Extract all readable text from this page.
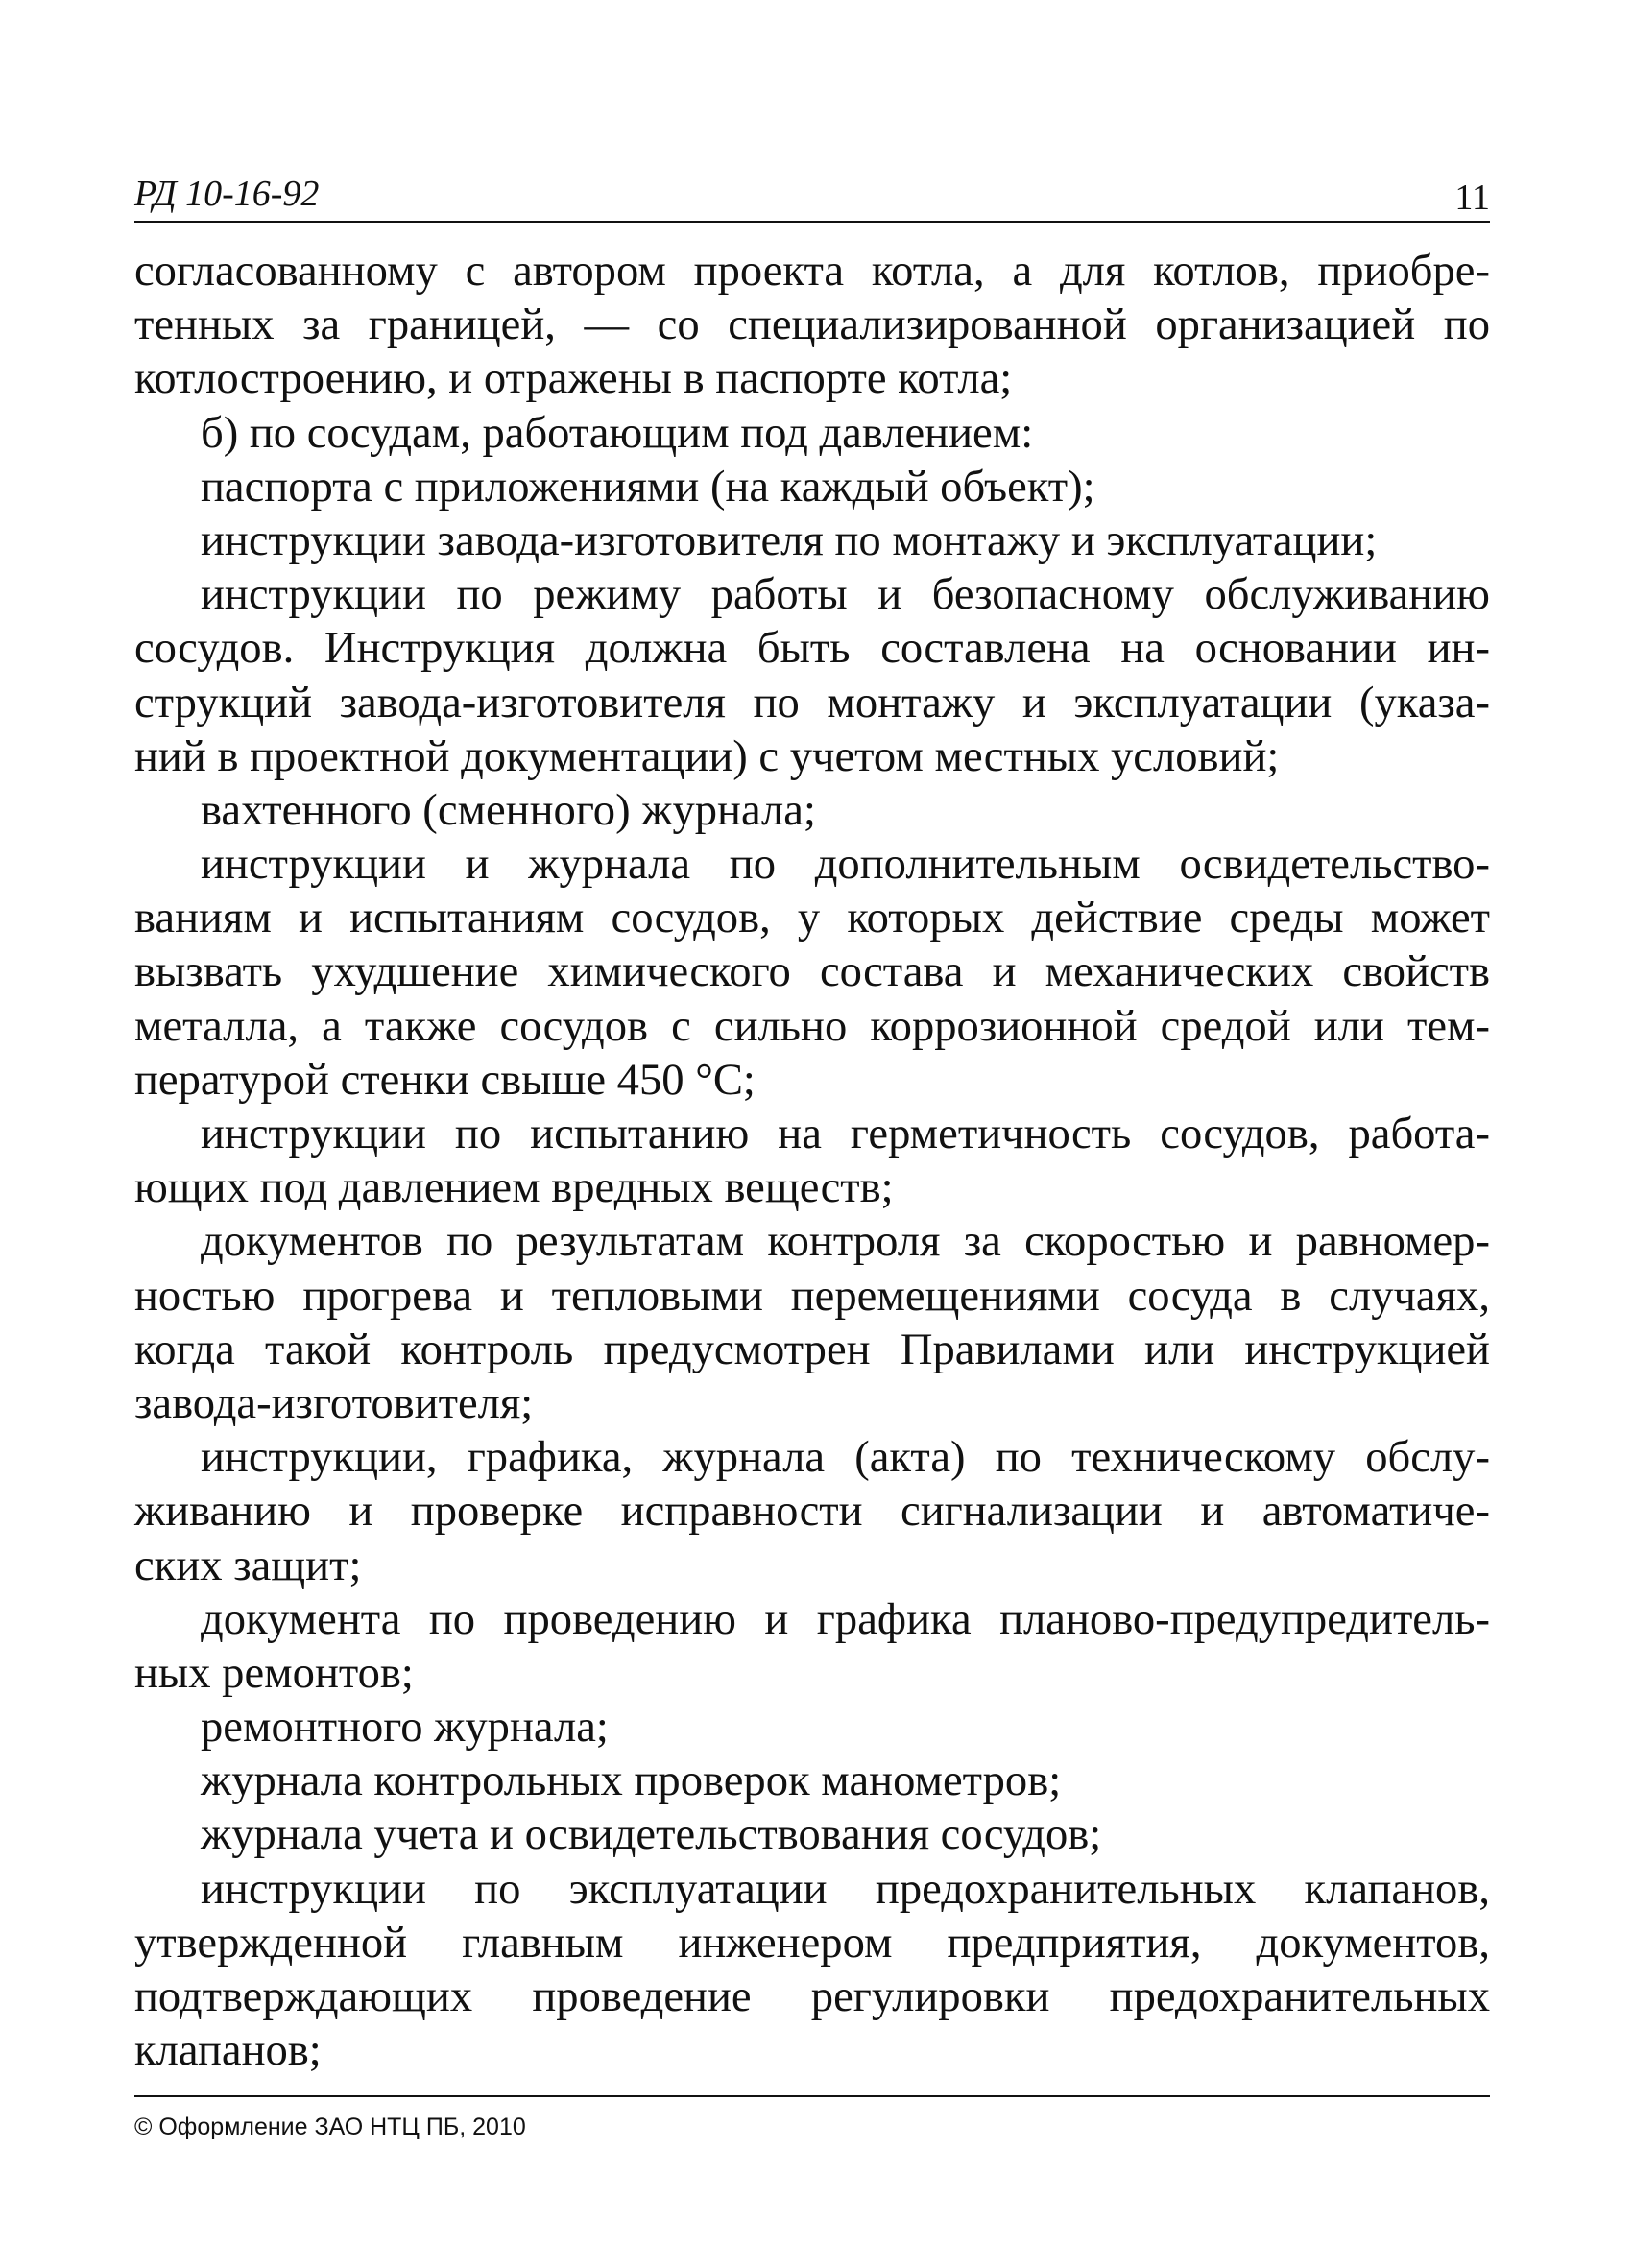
РД 10-16-92	11
согласованному с автором проекта котла, а для котлов, приобре-
тенных за границей, — со специализированной организацией по
котлостроению, и отражены в паспорте котла;
б) по сосудам, работающим под давлением:
паспорта с приложениями (на каждый объект);
инструкции завода-изготовителя по монтажу и эксплуатации;
инструкции по режиму работы и безопасному обслуживанию
сосудов. Инструкция должна быть составлена на основании ин-
струкций завода-изготовителя по монтажу и эксплуатации (указа-
ний в проектной документации) с учетом местных условий;
вахтенного (сменного) журнала;
инструкции и журнала по дополнительным освидетельство-
ваниям и испытаниям сосудов, у которых действие среды может
вызвать ухудшение химического состава и механических свойств
металла, а также сосудов с сильно коррозионной средой или тем-
пературой стенки свыше 450 °С;
инструкции по испытанию на герметичность сосудов, работа-
ющих под давлением вредных веществ;
документов по результатам контроля за скоростью и равномер-
ностью прогрева и тепловыми перемещениями сосуда в случаях,
когда такой контроль предусмотрен Правилами или инструкцией
завода-изготовителя;
инструкции, графика, журнала (акта) по техническому обслу-
живанию и проверке исправности сигнализации и автоматиче-
ских защит;
документа по проведению и графика планово-предупредитель-
ных ремонтов;
ремонтного журнала;
журнала контрольных проверок манометров;
журнала учета и освидетельствования сосудов;
инструкции по эксплуатации предохранительных клапанов,
утвержденной главным инженером предприятия, документов,
подтверждающих проведение регулировки предохранительных
клапанов;
© Оформление ЗАО НТЦ ПБ, 2010
